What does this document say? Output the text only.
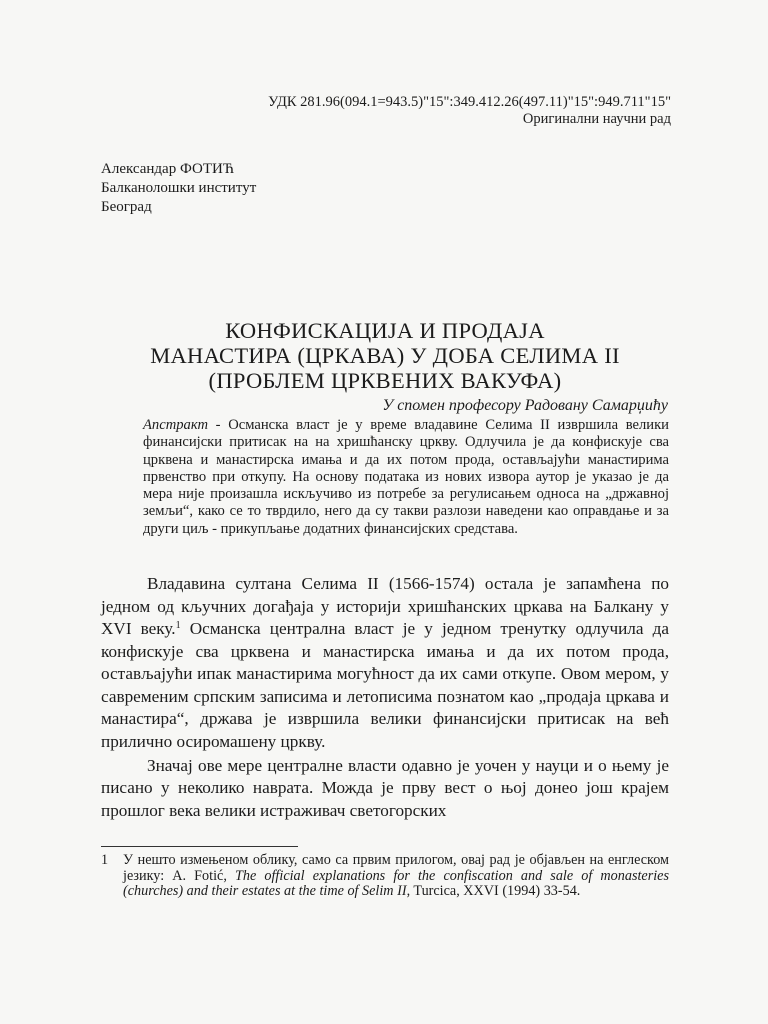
УДК 281.96(094.1=943.5)"15":349.412.26(497.11)"15":949.711"15"
Оригинални научни рад
Александар ФОТИЋ
Балканолошки институт
Београд
КОНФИСКАЦИЈА И ПРОДАЈА
МАНАСТИРА (ЦРКАВА) У ДОБА СЕЛИМА II
(ПРОБЛЕМ ЦРКВЕНИХ ВАКУФА)
У спомен професору Радовану Самарџићу
Апстракт - Османска власт је у време владавине Селима II извршила велики финансијски притисак на на хришћанску цркву. Одлучила је да конфискује сва црквена и манастирска имања и да их потом прода, остављајући манастирима првенство при откупу. На основу података из нових извора аутор је указао је да мера није произашла искључиво из потребе за регулисањем односа на „државној земљи“, како се то тврдило, него да су такви разлози наведени као оправдање и за други циљ - прикупљање додатних финансијских средстава.

Владавина султана Селима II (1566-1574) остала је запамћена по једном од кључних догађаја у историји хришћанских цркава на Балкану у XVI веку.$^1$ Османска централна власт је у једном тренутку одлучила да конфискује сва црквена и манастирска имања и да их потом прода, остављајући ипак манастирима могућност да их сами откупе. Овом мером, у савременим српским записима и летописима познатом као „продаја цркава и манастира“, држава је извршила велики финансијски притисак на већ прилично осиромашену цркву.

Значај ове мере централне власти одавно је уочен у науци и о њему је писано у неколико наврата. Можда је прву вест о њој донео још крајем прошлог века велики истраживач светогорских

1 У нешто измењеном облику, само са првим прилогом, овај рад је објављен на енглеском језику: A. Fotić, The official explanations for the confiscation and sale of monasteries (churches) and their estates at the time of Selim II, Turcica, XXVI (1994) 33-54.
